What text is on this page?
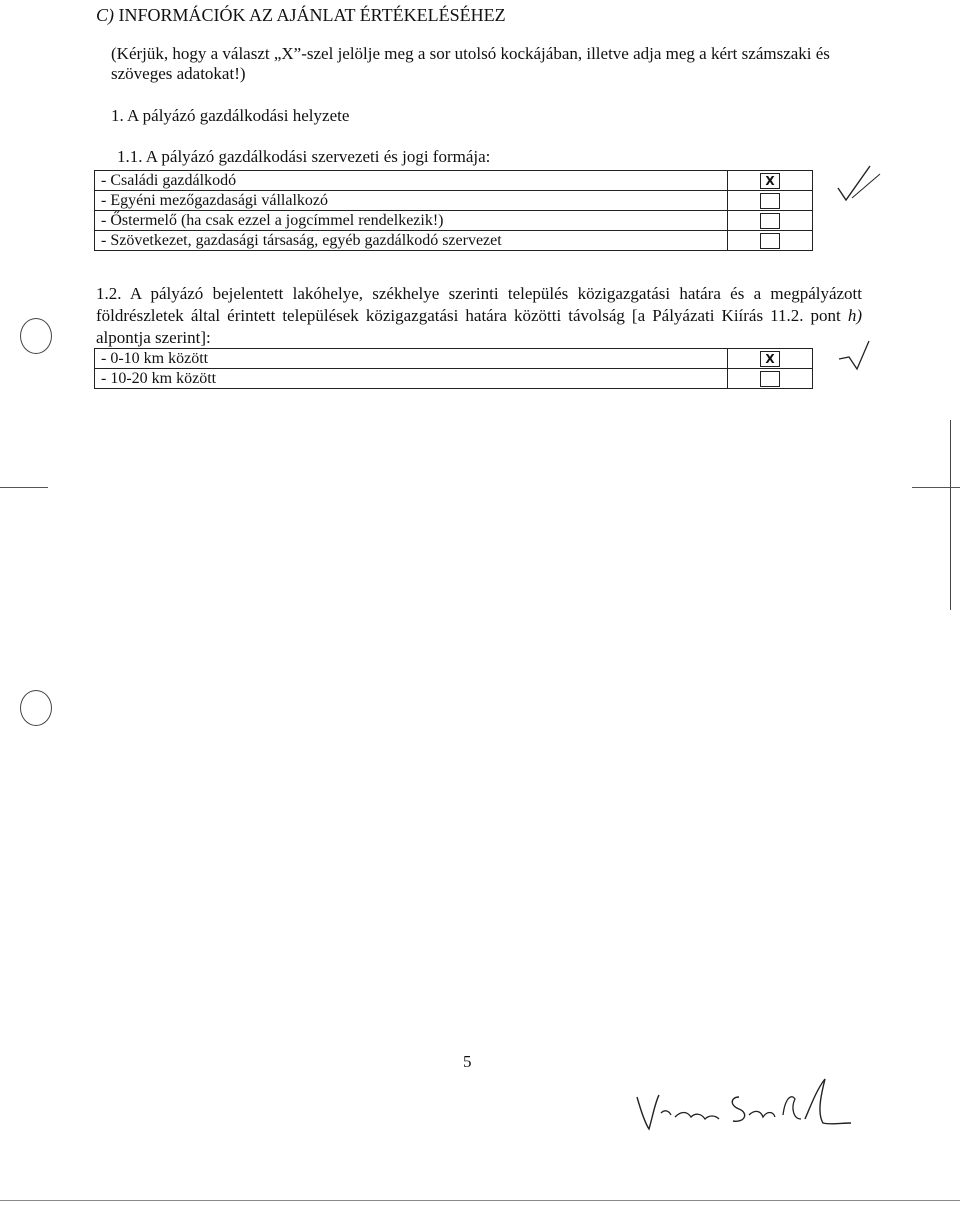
C) INFORMÁCIÓK AZ AJÁNLAT ÉRTÉKELÉSÉHEZ
(Kérjük, hogy a választ „X”-szel jelölje meg a sor utolsó kockájában, illetve adja meg a kért számszaki és szöveges adatokat!)
1. A pályázó gazdálkodási helyzete
1.1. A pályázó gazdálkodási szervezeti és jogi formája:
- Családi gazdálkodó	X
- Egyéni mezőgazdasági vállalkozó	
- Őstermelő (ha csak ezzel a jogcímmel rendelkezik!)	
- Szövetkezet, gazdasági társaság, egyéb gazdálkodó szervezet	
1.2. A pályázó bejelentett lakóhelye, székhelye szerinti település közigazgatási határa és a megpályázott földrészletek által érintett települések közigazgatási határa közötti távolság [a Pályázati Kiírás 11.2. pont h) alpontja szerint]:
- 0-10 km között	X
- 10-20 km között	
5
